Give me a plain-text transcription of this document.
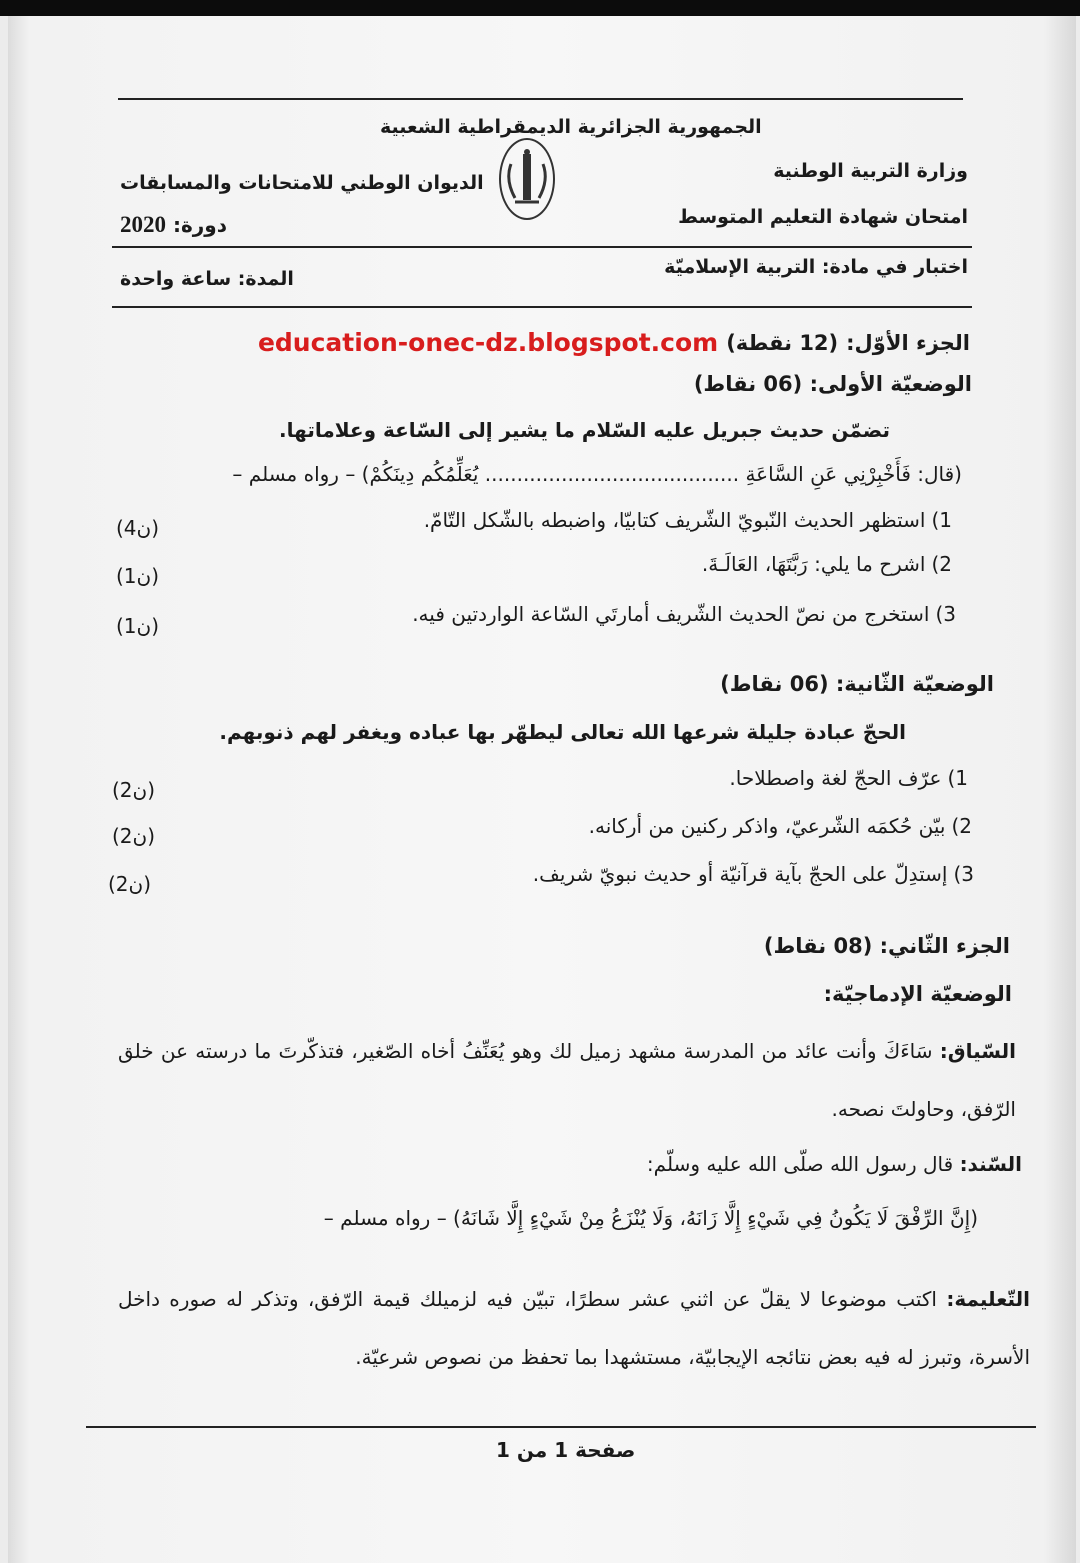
الجمهورية الجزائرية الديمقراطية الشعبية
وزارة التربية الوطنية
الديوان الوطني للامتحانات والمسابقات
امتحان شهادة التعليم المتوسط
دورة: 2020
اختبار في مادة: التربية الإسلاميّة
المدة: ساعة واحدة
الجزء الأوّل:
(12 نقطة)
education-onec-dz.blogspot.com
الوضعيّة الأولى: (06 نقاط)
تضمّن حديث جبريل عليه السّلام ما يشير إلى السّاعة وعلاماتها.
(قال: فَأَخْبِرْنِي عَنِ السَّاعَةِ ........................................ يُعَلِّمُكُم دِينَكُمْ) – رواه مسلم –
1)
استظهر الحديث النّبويّ الشّريف كتابيّا، واضبطه بالشّكل التّامّ.
(4ن)
2)
اشرح ما يلي: رَبَّتَهَا، العَالَـةَ.
(1ن)
3)
استخرج من نصّ الحديث الشّريف أمارتَي السّاعة الواردتين فيه.
(1ن)
الوضعيّة الثّانية: (06 نقاط)
الحجّ عبادة جليلة شرعها الله تعالى ليطهّر بها عباده ويغفر لهم ذنوبهم.
1)
عرّف الحجّ لغة واصطلاحا.
(2ن)
2)
بيّن حُكمَه الشّرعيّ، واذكر ركنين من أركانه.
(2ن)
3)
إستدِلّ على الحجّ بآية قرآنيّة أو حديث نبويّ شريف.
(2ن)
الجزء الثّاني: (08 نقاط)
الوضعيّة الإدماجيّة:
السّياق: سَاءَكَ وأنت عائد من المدرسة مشهد زميل لك وهو يُعَنِّفُ أخاه الصّغير، فتذكّرتَ ما درسته عن خلق الرّفق، وحاولتَ نصحه.
السّند: قال رسول الله صلّى الله عليه وسلّم:
(إِنَّ الرِّفْقَ لَا يَكُونُ فِي شَيْءٍ إِلَّا زَانَهُ، وَلَا يُنْزَعُ مِنْ شَيْءٍ إِلَّا شَانَهُ) – رواه مسلم –
التّعليمة: اكتب موضوعا لا يقلّ عن اثني عشر سطرًا، تبيّن فيه لزميلك قيمة الرّفق، وتذكر له صوره داخل الأسرة، وتبرز له فيه بعض نتائجه الإيجابيّة، مستشهدا بما تحفظ من نصوص شرعيّة.
صفحة 1 من 1
